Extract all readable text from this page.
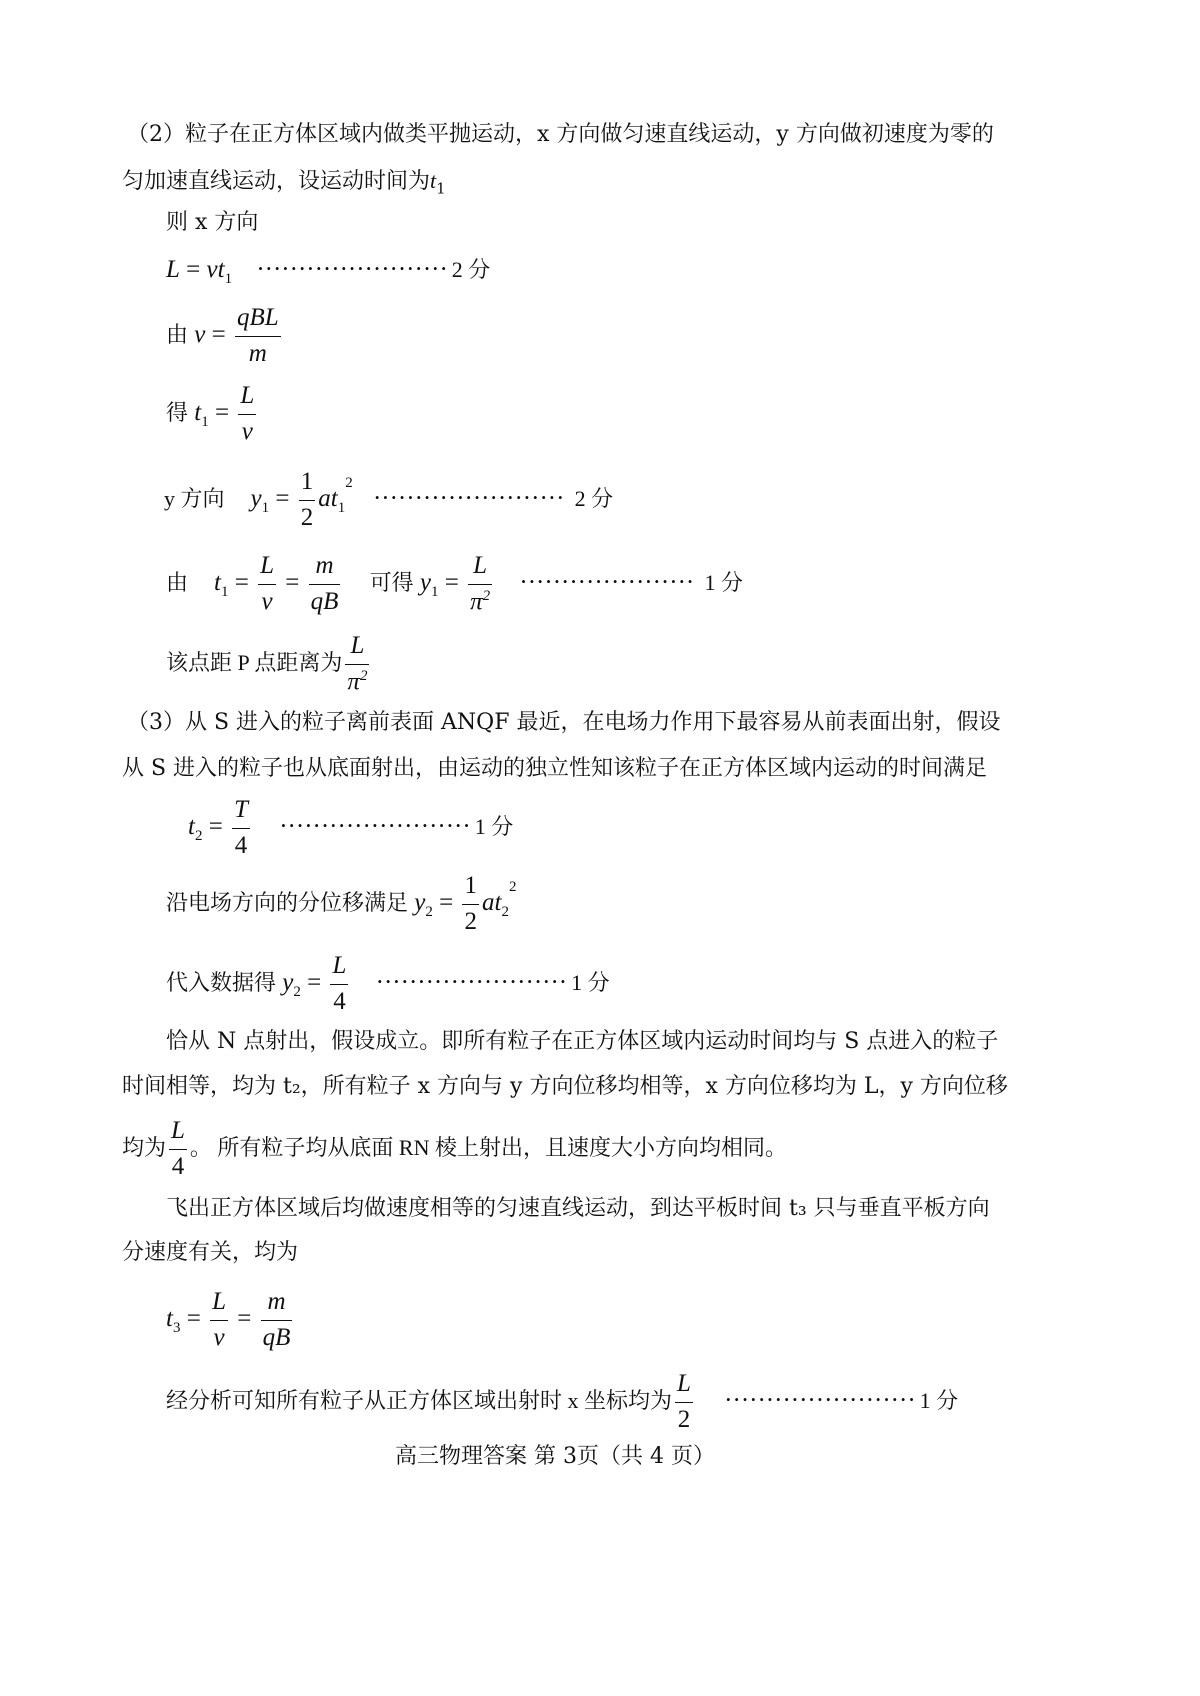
（2）粒子在正方体区域内做类平抛运动，x 方向做匀速直线运动，y 方向做初速度为零的
匀加速直线运动，设运动时间为$t_1$
则 x 方向
$L = vt_1$ ······················· 2 分
由 $v = \frac{\text{qBL}}{m}$
得 $t_1 = \frac{L}{v}$
y 方向 $y_1 = \frac{1}{2} at_1^2$ ······················· 2 分
由 $t_1 = \frac{L}{v} = \frac{m}{qB}$ 可得 $y_1 = \frac{L}{\pi^2}$ ····················· 1 分
该点距 P 点距离为 $\frac{L}{\pi^2}$
（3）从 S 进入的粒子离前表面 ANQF 最近，在电场力作用下最容易从前表面出射，假设
从 S 进入的粒子也从底面射出，由运动的独立性知该粒子在正方体区域内运动的时间满足
$t_2 = \frac{T}{4}$ ······················· 1 分
沿电场方向的分位移满足 $y_2 = \frac{1}{2} at_2^2$
代入数据得 $y_2 = \frac{L}{4}$ ······················· 1 分
恰从 N 点射出，假设成立。即所有粒子在正方体区域内运动时间均与 S 点进入的粒子
时间相等，均为 t₂，所有粒子 x 方向与 y 方向位移均相等，x 方向位移均为 L，y 方向位移
均为 $\frac{L}{4}$ 。 所有粒子均从底面 RN 棱上射出，且速度大小方向均相同。
飞出正方体区域后均做速度相等的匀速直线运动，到达平板时间 t₃ 只与垂直平板方向
分速度有关，均为
$t_3 = \frac{L}{v} = \frac{m}{qB}$
经分析可知所有粒子从正方体区域出射时 x 坐标均为 $\frac{L}{2}$ ······················· 1 分
高三物理答案 第 3页（共 4 页）
